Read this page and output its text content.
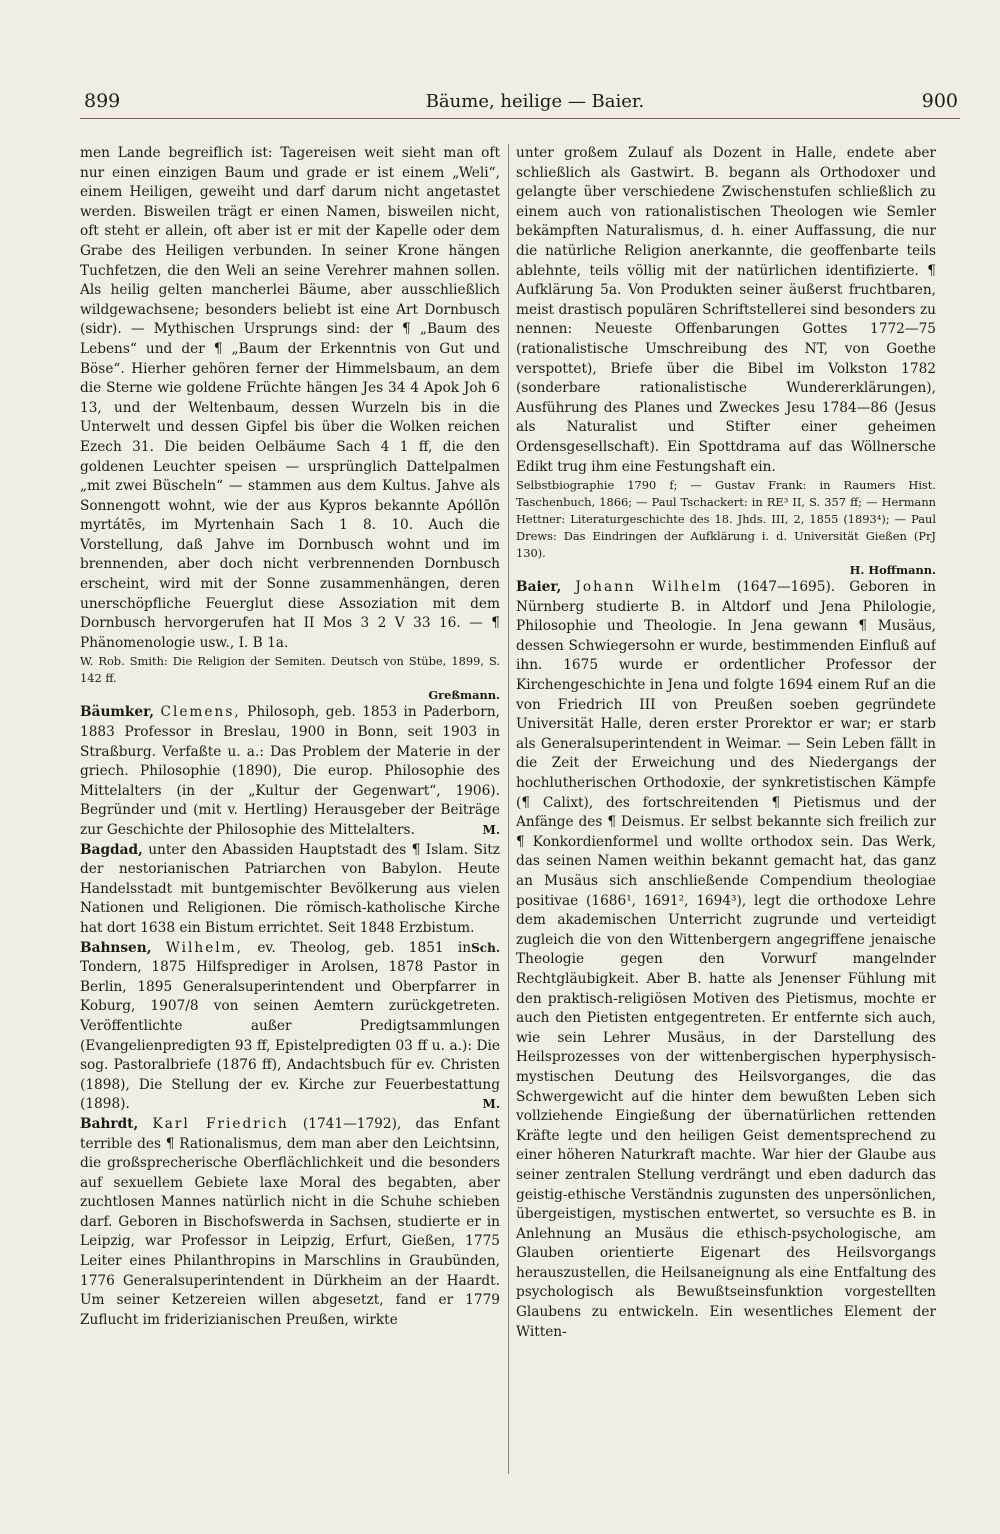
899	Bäume, heilige — Baier.	900

men Lande begreiflich ist: Tagereisen weit sieht man oft nur einen einzigen Baum und grade er ist einem „Weli“, einem Heiligen, geweiht und darf darum nicht angetastet werden. Bisweilen trägt er einen Namen, bisweilen nicht, oft steht er allein, oft aber ist er mit der Kapelle oder dem Grabe des Heiligen verbunden. In seiner Krone hängen Tuchfetzen, die den Weli an seine Verehrer mahnen sollen. Als heilig gelten mancherlei Bäume, aber ausschließlich wildgewachsene; besonders beliebt ist eine Art Dornbusch (sidr). — Mythischen Ursprungs sind: der ¶ „Baum des Lebens“ und der ¶ „Baum der Erkenntnis von Gut und Böse“. Hierher gehören ferner der Himmelsbaum, an dem die Sterne wie goldene Früchte hängen Jes 34 4 Apok Joh 6 13, und der Weltenbaum, dessen Wurzeln bis in die Unterwelt und dessen Gipfel bis über die Wolken reichen Ezech 31. Die beiden Oelbäume Sach 4 1 ff, die den goldenen Leuchter speisen — ursprünglich Dattelpalmen „mit zwei Büscheln“ — stammen aus dem Kultus. Jahve als Sonnengott wohnt, wie der aus Kypros bekannte Apóllōn myrtátēs, im Myrtenhain Sach 1 8. 10. Auch die Vorstellung, daß Jahve im Dornbusch wohnt und im brennenden, aber doch nicht verbrennenden Dornbusch erscheint, wird mit der Sonne zusammenhängen, deren unerschöpfliche Feuerglut diese Assoziation mit dem Dornbusch hervorgerufen hat II Mos 3 2 V 33 16. — ¶ Phänomenologie usw., I. B 1a.

W. Rob. Smith: Die Religion der Semiten. Deutsch von Stübe, 1899, S. 142 ff.

Greßmann.

Bäumker, Clemens, Philosoph, geb. 1853 in Paderborn, 1883 Professor in Breslau, 1900 in Bonn, seit 1903 in Straßburg. Verfaßte u. a.: Das Problem der Materie in der griech. Philosophie (1890), Die europ. Philosophie des Mittelalters (in der „Kultur der Gegenwart“, 1906). Begründer und (mit v. Hertling) Herausgeber der Beiträge zur Geschichte der Philosophie des Mittelalters.	M.

Bagdad, unter den Abassiden Hauptstadt des ¶ Islam. Sitz der nestorianischen Patriarchen von Babylon. Heute Handelsstadt mit buntgemischter Bevölkerung aus vielen Nationen und Religionen. Die römisch-katholische Kirche hat dort 1638 ein Bistum errichtet. Seit 1848 Erzbistum.
Sch.

Bahnsen, Wilhelm, ev. Theolog, geb. 1851 in Tondern, 1875 Hilfsprediger in Arolsen, 1878 Pastor in Berlin, 1895 Generalsuperintendent und Oberpfarrer in Koburg, 1907/8 von seinen Aemtern zurückgetreten. Veröffentlichte außer Predigtsammlungen (Evangelienpredigten 93 ff, Epistelpredigten 03 ff u. a.): Die sog. Pastoralbriefe (1876 ff), Andachtsbuch für ev. Christen (1898), Die Stellung der ev. Kirche zur Feuerbestattung (1898).	M.

Bahrdt, Karl Friedrich (1741—1792), das Enfant terrible des ¶ Rationalismus, dem man aber den Leichtsinn, die großsprecherische Oberflächlichkeit und die besonders auf sexuellem Gebiete laxe Moral des begabten, aber zuchtlosen Mannes natürlich nicht in die Schuhe schieben darf. Geboren in Bischofswerda in Sachsen, studierte er in Leipzig, war Professor in Leipzig, Erfurt, Gießen, 1775 Leiter eines Philanthropins in Marschlins in Graubünden, 1776 Generalsuperintendent in Dürkheim an der Haardt. Um seiner Ketzereien willen abgesetzt, fand er 1779 Zuflucht im friderizianischen Preußen, wirkte

unter großem Zulauf als Dozent in Halle, endete aber schließlich als Gastwirt. B. begann als Orthodoxer und gelangte über verschiedene Zwischenstufen schließlich zu einem auch von rationalistischen Theologen wie Semler bekämpften Naturalismus, d. h. einer Auffassung, die nur die natürliche Religion anerkannte, die geoffenbarte teils ablehnte, teils völlig mit der natürlichen identifizierte. ¶ Aufklärung 5a. Von Produkten seiner äußerst fruchtbaren, meist drastisch populären Schriftstellerei sind besonders zu nennen: Neueste Offenbarungen Gottes 1772—75 (rationalistische Umschreibung des NT, von Goethe verspottet), Briefe über die Bibel im Volkston 1782 (sonderbare rationalistische Wundererklärungen), Ausführung des Planes und Zweckes Jesu 1784—86 (Jesus als Naturalist und Stifter einer geheimen Ordensgesellschaft). Ein Spottdrama auf das Wöllnersche Edikt trug ihm eine Festungshaft ein.

Selbstbiographie 1790 f; — Gustav Frank: in Raumers Hist. Taschenbuch, 1866; — Paul Tschackert: in RE³ II, S. 357 ff; — Hermann Hettner: Literaturgeschichte des 18. Jhds. III, 2, 1855 (1893⁴); — Paul Drews: Das Eindringen der Aufklärung i. d. Universität Gießen (PrJ 130).

H. Hoffmann.

Baier, Johann Wilhelm (1647—1695). Geboren in Nürnberg studierte B. in Altdorf und Jena Philologie, Philosophie und Theologie. In Jena gewann ¶ Musäus, dessen Schwiegersohn er wurde, bestimmenden Einfluß auf ihn. 1675 wurde er ordentlicher Professor der Kirchengeschichte in Jena und folgte 1694 einem Ruf an die von Friedrich III von Preußen soeben gegründete Universität Halle, deren erster Prorektor er war; er starb als Generalsuperintendent in Weimar. — Sein Leben fällt in die Zeit der Erweichung und des Niedergangs der hochlutherischen Orthodoxie, der synkretistischen Kämpfe (¶ Calixt), des fortschreitenden ¶ Pietismus und der Anfänge des ¶ Deismus. Er selbst bekannte sich freilich zur ¶ Konkordienformel und wollte orthodox sein. Das Werk, das seinen Namen weithin bekannt gemacht hat, das ganz an Musäus sich anschließende Compendium theologiae positivae (1686¹, 1691², 1694³), legt die orthodoxe Lehre dem akademischen Unterricht zugrunde und verteidigt zugleich die von den Wittenbergern angegriffene jenaische Theologie gegen den Vorwurf mangelnder Rechtgläubigkeit. Aber B. hatte als Jenenser Fühlung mit den praktisch-religiösen Motiven des Pietismus, mochte er auch den Pietisten entgegentreten. Er entfernte sich auch, wie sein Lehrer Musäus, in der Darstellung des Heilsprozesses von der wittenbergischen hyperphysisch-mystischen Deutung des Heilsvorganges, die das Schwergewicht auf die hinter dem bewußten Leben sich vollziehende Eingießung der übernatürlichen rettenden Kräfte legte und den heiligen Geist dementsprechend zu einer höheren Naturkraft machte. War hier der Glaube aus seiner zentralen Stellung verdrängt und eben dadurch das geistig-ethische Verständnis zugunsten des unpersönlichen, übergeistigen, mystischen entwertet, so versuchte es B. in Anlehnung an Musäus die ethisch-psychologische, am Glauben orientierte Eigenart des Heilsvorgangs herauszustellen, die Heilsaneignung als eine Entfaltung des psychologisch als Bewußtseinsfunktion vorgestellten Glaubens zu entwickeln. Ein wesentliches Element der Witten-
